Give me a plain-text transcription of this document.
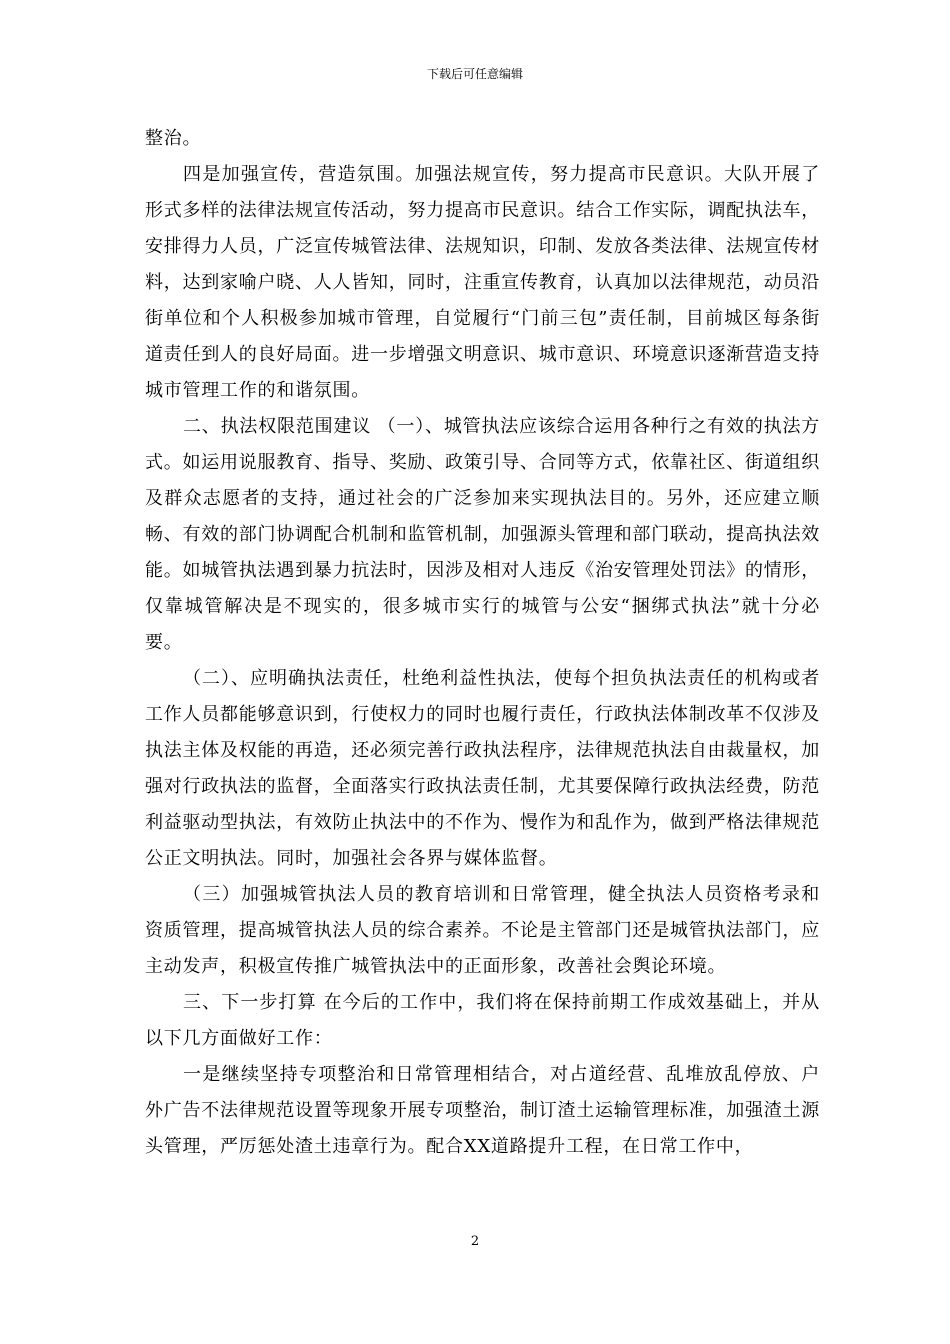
下载后可任意编辑

整治。

四是加强宣传，营造氛围。加强法规宣传，努力提高市民意识。大队开展了形式多样的法律法规宣传活动，努力提高市民意识。结合工作实际，调配执法车，安排得力人员，广泛宣传城管法律、法规知识，印制、发放各类法律、法规宣传材料，达到家喻户晓、人人皆知，同时，注重宣传教育，认真加以法律规范，动员沿街单位和个人积极参加城市管理，自觉履行“门前三包”责任制，目前城区每条街道责任到人的良好局面。进一步增强文明意识、城市意识、环境意识逐渐营造支持城市管理工作的和谐氛围。

二、执法权限范围建议 （一）、城管执法应该综合运用各种行之有效的执法方式。如运用说服教育、指导、奖励、政策引导、合同等方式，依靠社区、街道组织及群众志愿者的支持，通过社会的广泛参加来实现执法目的。另外，还应建立顺畅、有效的部门协调配合机制和监管机制，加强源头管理和部门联动，提高执法效能。如城管执法遇到暴力抗法时，因涉及相对人违反《治安管理处罚法》的情形，仅靠城管解决是不现实的，很多城市实行的城管与公安“捆绑式执法”就十分必要。

（二）、应明确执法责任，杜绝利益性执法，使每个担负执法责任的机构或者工作人员都能够意识到，行使权力的同时也履行责任，行政执法体制改革不仅涉及执法主体及权能的再造，还必须完善行政执法程序，法律规范执法自由裁量权，加强对行政执法的监督，全面落实行政执法责任制，尤其要保障行政执法经费，防范利益驱动型执法，有效防止执法中的不作为、慢作为和乱作为，做到严格法律规范公正文明执法。同时，加强社会各界与媒体监督。

（三）加强城管执法人员的教育培训和日常管理，健全执法人员资格考录和资质管理，提高城管执法人员的综合素养。不论是主管部门还是城管执法部门，应主动发声，积极宣传推广城管执法中的正面形象，改善社会舆论环境。

三、下一步打算 在今后的工作中，我们将在保持前期工作成效基础上，并从以下几方面做好工作：

一是继续坚持专项整治和日常管理相结合，对占道经营、乱堆放乱停放、户外广告不法律规范设置等现象开展专项整治，制订渣土运输管理标准，加强渣土源头管理，严厉惩处渣土违章行为。配合XX道路提升工程，在日常工作中，

2
